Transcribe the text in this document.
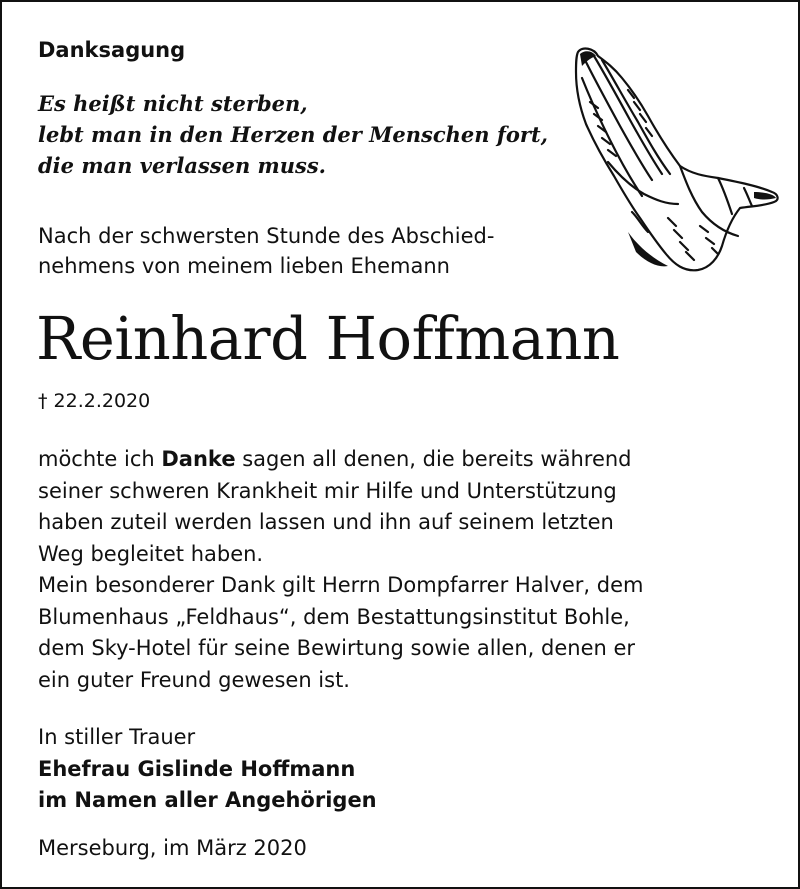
Danksagung
Es heißt nicht sterben,
lebt man in den Herzen der Menschen fort,
die man verlassen muss.
Nach der schwersten Stunde des Abschied-
nehmens von meinem lieben Ehemann
Reinhard Hoffmann
† 22.2.2020
möchte ich Danke sagen all denen, die bereits während
seiner schweren Krankheit mir Hilfe und Unterstützung
haben zuteil werden lassen und ihn auf seinem letzten
Weg begleitet haben.
Mein besonderer Dank gilt Herrn Dompfarrer Halver, dem
Blumenhaus „Feldhaus“, dem Bestattungsinstitut Bohle,
dem Sky-Hotel für seine Bewirtung sowie allen, denen er
ein guter Freund gewesen ist.
In stiller Trauer
Ehefrau Gislinde Hoffmann
im Namen aller Angehörigen
Merseburg, im März 2020
